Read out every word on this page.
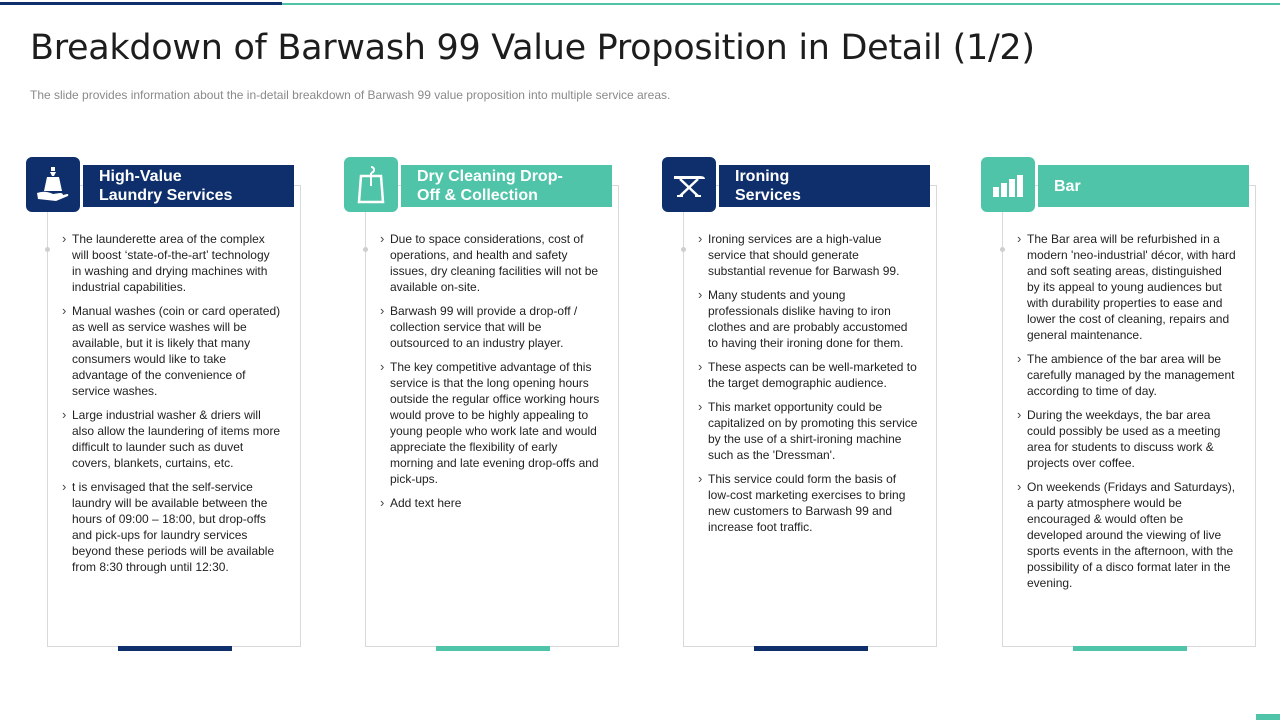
Breakdown of Barwash 99 Value Proposition in Detail (1/2)
The slide provides information about the in-detail breakdown of Barwash 99 value proposition into multiple service areas.
High-Value
Laundry Services
› The launderette area of the complex will boost ‘state-of-the-art’ technology in washing and drying machines with industrial capabilities.
› Manual washes (coin or card operated) as well as service washes will be available, but it is likely that many consumers would like to take advantage of the convenience of service washes.
› Large industrial washer & driers will also allow the laundering of items more difficult to launder such as duvet covers, blankets, curtains, etc.
› t is envisaged that the self-service laundry will be available between the hours of 09:00 – 18:00, but drop-offs and pick-ups for laundry services beyond these periods will be available from 8:30 through until 12:30.
Dry Cleaning Drop-
Off & Collection
› Due to space considerations, cost of operations, and health and safety issues, dry cleaning facilities will not be available on-site.
› Barwash 99 will provide a drop-off / collection service that will be outsourced to an industry player.
› The key competitive advantage of this service is that the long opening hours outside the regular office working hours would prove to be highly appealing to young people who work late and would appreciate the flexibility of early morning and late evening drop-offs and pick-ups.
› Add text here
Ironing
Services
› Ironing services are a high-value service that should generate substantial revenue for Barwash 99.
› Many students and young professionals dislike having to iron clothes and are probably accustomed to having their ironing done for them.
› These aspects can be well-marketed to the target demographic audience.
› This market opportunity could be capitalized on by promoting this service by the use of a shirt-ironing machine such as the 'Dressman'.
› This service could form the basis of low-cost marketing exercises to bring new customers to Barwash 99 and increase foot traffic.
Bar
› The Bar area will be refurbished in a modern 'neo-industrial' décor, with hard and soft seating areas, distinguished by its appeal to young audiences but with durability properties to ease and lower the cost of cleaning, repairs and general maintenance.
› The ambience of the bar area will be carefully managed by the management according to time of day.
› During the weekdays, the bar area could possibly be used as a meeting area for students to discuss work & projects over coffee.
› On weekends (Fridays and Saturdays), a party atmosphere would be encouraged & would often be developed around the viewing of live sports events in the afternoon, with the possibility of a disco format later in the evening.
